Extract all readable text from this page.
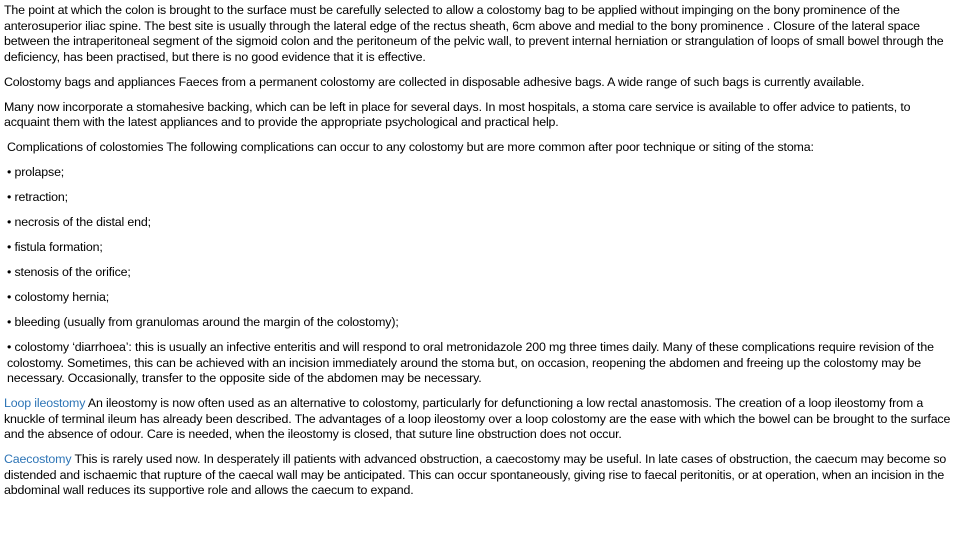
The point at which the colon is brought to the surface must be carefully selected to allow a colostomy bag to be applied without impinging on the bony prominence of the anterosuperior iliac spine. The best site is usually through the lateral edge of the rectus sheath, 6cm above and medial to the bony prominence . Closure of the lateral space between the intraperitoneal segment of the sigmoid colon and the peritoneum of the pelvic wall, to prevent internal herniation or strangulation of loops of small bowel through the deficiency, has been practised, but there is no good evidence that it is effective.

Colostomy bags and appliances Faeces from a permanent colostomy are collected in disposable adhesive bags. A wide range of such bags is currently available.

Many now incorporate a stomahesive backing, which can be left in place for several days. In most hospitals, a stoma care service is available to offer advice to patients, to acquaint them with the latest appliances and to provide the appropriate psychological and practical help.

Complications of colostomies The following complications can occur to any colostomy but are more common after poor technique or siting of the stoma:

• prolapse;

• retraction;

• necrosis of the distal end;

• fistula formation;

• stenosis of the orifice;

• colostomy hernia;

• bleeding (usually from granulomas around the margin of the colostomy);

• colostomy ‘diarrhoea’: this is usually an infective enteritis and will respond to oral metronidazole 200 mg three times daily. Many of these complications require revision of the colostomy. Sometimes, this can be achieved with an incision immediately around the stoma but, on occasion, reopening the abdomen and freeing up the colostomy may be necessary. Occasionally, transfer to the opposite side of the abdomen may be necessary.

Loop ileostomy An ileostomy is now often used as an alternative to colostomy, particularly for defunctioning a low rectal anastomosis. The creation of a loop ileostomy from a knuckle of terminal ileum has already been described. The advantages of a loop ileostomy over a loop colostomy are the ease with which the bowel can be brought to the surface and the absence of odour. Care is needed, when the ileostomy is closed, that suture line obstruction does not occur.

Caecostomy This is rarely used now. In desperately ill patients with advanced obstruction, a caecostomy may be useful. In late cases of obstruction, the caecum may become so distended and ischaemic that rupture of the caecal wall may be anticipated. This can occur spontaneously, giving rise to faecal peritonitis, or at operation, when an incision in the abdominal wall reduces its supportive role and allows the caecum to expand.
